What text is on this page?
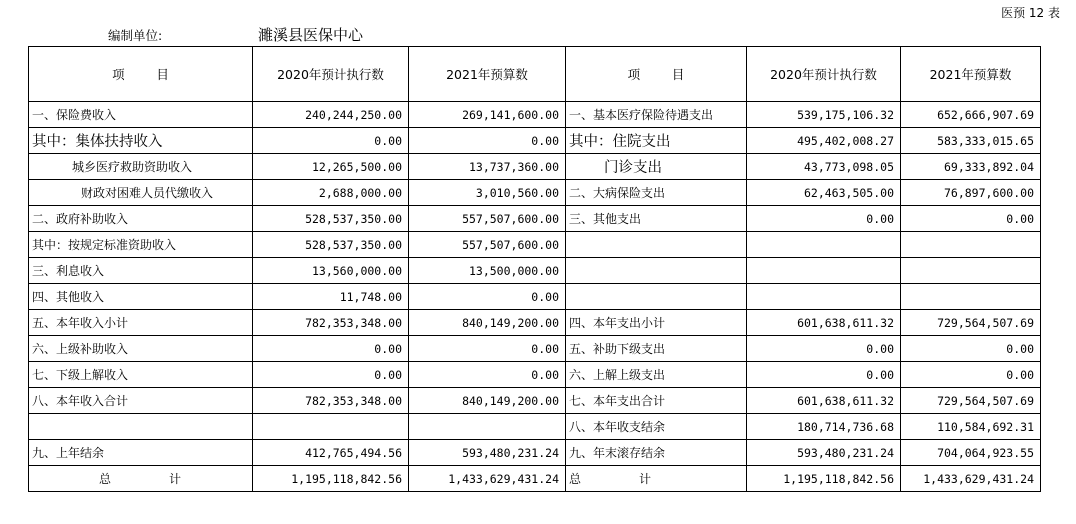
医预 12 表
编制单位:	濉溪县医保中心
项        目	2020年预计执行数	2021年预算数	项        目	2020年预计执行数	2021年预算数
一、保险费收入	240,244,250.00	269,141,600.00	一、基本医疗保险待遇支出	539,175,106.32	652,666,907.69
其中：集体扶持收入	0.00	0.00	其中：住院支出	495,402,008.27	583,333,015.65
城乡医疗救助资助收入	12,265,500.00	13,737,360.00	门诊支出	43,773,098.05	69,333,892.04
财政对困难人员代缴收入	2,688,000.00	3,010,560.00	二、大病保险支出	62,463,505.00	76,897,600.00
二、政府补助收入	528,537,350.00	557,507,600.00	三、其他支出	0.00	0.00
其中：按规定标准资助收入	528,537,350.00	557,507,600.00			
三、利息收入	13,560,000.00	13,500,000.00			
四、其他收入	11,748.00	0.00			
五、本年收入小计	782,353,348.00	840,149,200.00	四、本年支出小计	601,638,611.32	729,564,507.69
六、上级补助收入	0.00	0.00	五、补助下级支出	0.00	0.00
七、下级上解收入	0.00	0.00	六、上解上级支出	0.00	0.00
八、本年收入合计	782,353,348.00	840,149,200.00	七、本年支出合计	601,638,611.32	729,564,507.69
			八、本年收支结余	180,714,736.68	110,584,692.31
九、上年结余	412,765,494.56	593,480,231.24	九、年末滚存结余	593,480,231.24	704,064,923.55
总 计	1,195,118,842.56	1,433,629,431.24	总 计	1,195,118,842.56	1,433,629,431.24
